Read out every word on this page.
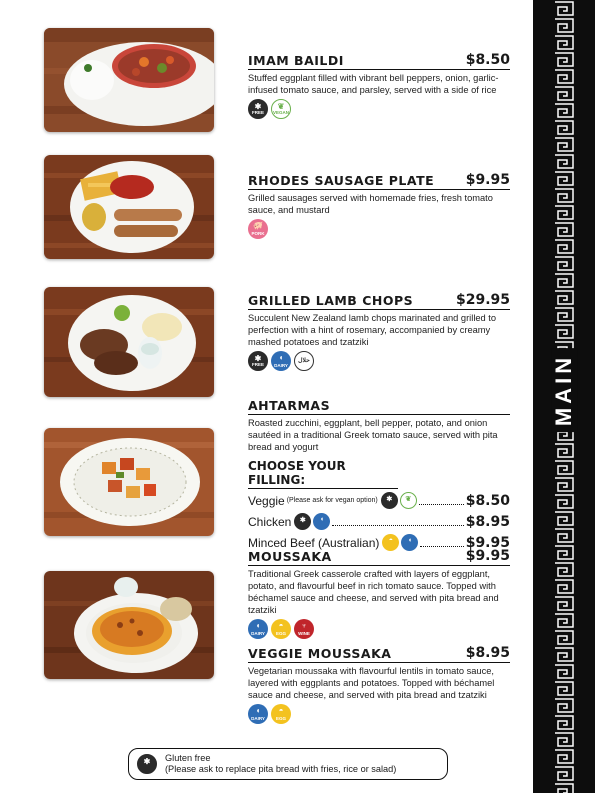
MAIN
IMAM BAILDI	$8.50
Stuffed eggplant filled with vibrant bell peppers, onion, garlic-infused tomato sauce, and parsley, served with a side of rice
✱
FREE
❦
VEGAN
RHODES SAUSAGE PLATE $9.95
Grilled sausages served with homemade fries, fresh tomato sauce, and mustard
🐖
PORK
GRILLED LAMB CHOPS	$29.95
Succulent New Zealand lamb chops marinated and grilled to perfection with a hint of rosemary, accompanied by creamy mashed potatoes and tzatziki
✱
FREE
◖
DAIRY
حلال
AHTARMAS
Roasted zucchini, eggplant, bell pepper, potato, and onion sautéed in a traditional Greek tomato sauce, served with pita bread and yogurt
CHOOSE YOUR FILLING:
Veggie (Please ask for vegan option)	✱	❦	$8.50
Chicken	✱	◖	$8.95
Minced Beef (Australian)	◓	◖	$9.95
MOUSSAKA	$9.95
Traditional Greek casserole crafted with layers of eggplant, potato, and flavourful beef in rich tomato sauce. Topped with béchamel sauce and cheese, and served with pita bread and tzatziki
◖
DAIRY
◓
EGG
♆
WINE
VEGGIE MOUSSAKA	$8.95
Vegetarian moussaka with flavourful lentils in tomato sauce, layered with eggplants and potatoes. Topped with béchamel sauce and cheese, and served with pita bread and tzatziki
◖
DAIRY
◓
EGG
✱	Gluten free
(Please ask to replace pita bread with fries, rice or salad)
